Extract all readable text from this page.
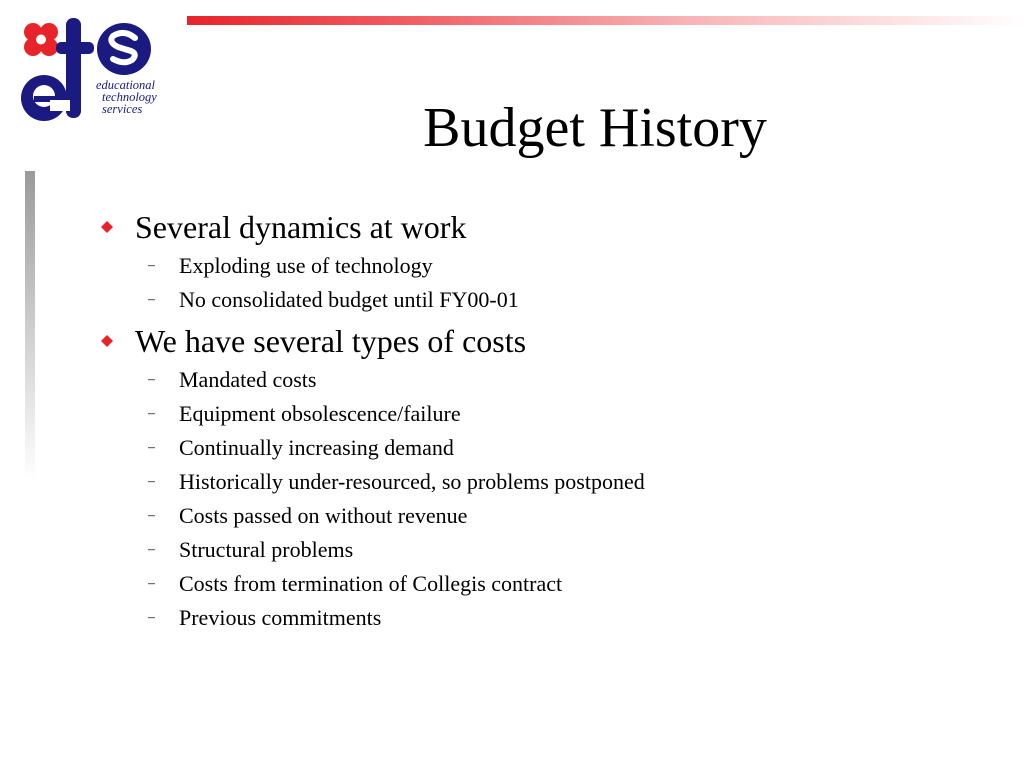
educational
technology
services	Budget History
Several dynamics at work
– Exploding use of technology
– No consolidated budget until FY00-01
We have several types of costs
– Mandated costs
– Equipment obsolescence/failure
– Continually increasing demand
– Historically under-resourced, so problems postponed
– Costs passed on without revenue
– Structural problems
– Costs from termination of Collegis contract
– Previous commitments
